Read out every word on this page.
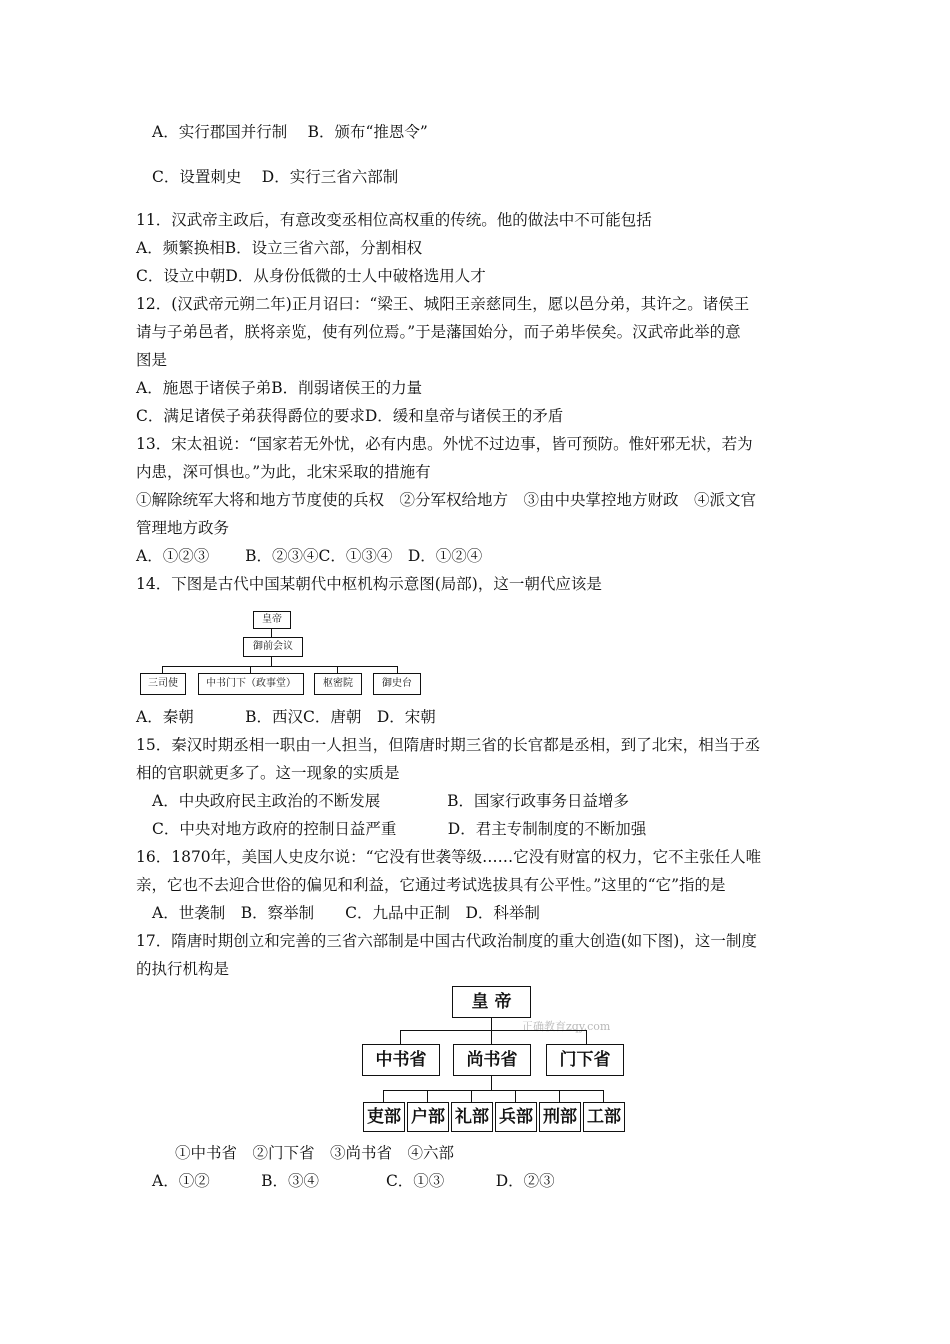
A．实行郡国并行制　 B．颁布“推恩令”
C．设置刺史　 D．实行三省六部制
11．汉武帝主政后，有意改变丞相位高权重的传统。他的做法中不可能包括
A．频繁换相B．设立三省六部，分割相权
C．设立中朝D．从身份低微的士人中破格选用人才
12．(汉武帝元朔二年)正月诏曰：“梁王、城阳王亲慈同生，愿以邑分弟，其许之。诸侯王
请与子弟邑者，朕将亲览，使有列位焉。”于是藩国始分，而子弟毕侯矣。汉武帝此举的意
图是
A．施恩于诸侯子弟B．削弱诸侯王的力量
C．满足诸侯子弟获得爵位的要求D．缓和皇帝与诸侯王的矛盾
13．宋太祖说：“国家若无外忧，必有内患。外忧不过边事，皆可预防。惟奸邪无状，若为
内患，深可惧也。”为此，北宋采取的措施有
①解除统军大将和地方节度使的兵权　②分军权给地方　③由中央掌控地方财政　④派文官
管理地方政务
A．①②③　　 B．②③④C．①③④　D．①②④
14．下图是古代中国某朝代中枢机构示意图(局部)，这一朝代应该是
皇帝
御前会议
三司使	中书门下（政事堂）	枢密院	御史台
A．秦朝　　　 B．西汉C．唐朝　D．宋朝
15．秦汉时期丞相一职由一人担当，但隋唐时期三省的长官都是丞相，到了北宋，相当于丞
相的官职就更多了。这一现象的实质是
A．中央政府民主政治的不断发展　　　　 B．国家行政事务日益增多
C．中央对地方政府的控制日益严重　　　 D．君主专制制度的不断加强
16．1870年，美国人史皮尔说：“它没有世袭等级……它没有财富的权力，它不主张任人唯
亲，它也不去迎合世俗的偏见和利益，它通过考试选拔具有公平性。”这里的“它”指的是
A．世袭制　B．察举制　　C．九品中正制　D．科举制
17．隋唐时期创立和完善的三省六部制是中国古代政治制度的重大创造(如下图)，这一制度
的执行机构是
皇 帝
正确教育zqy.com
中书省	尚书省	门下省
吏部 户部 礼部 兵部 刑部 工部
①中书省　②门下省　③尚书省　④六部
A．①②　　　 B．③④　　　　 C．①③　　　 D．②③
